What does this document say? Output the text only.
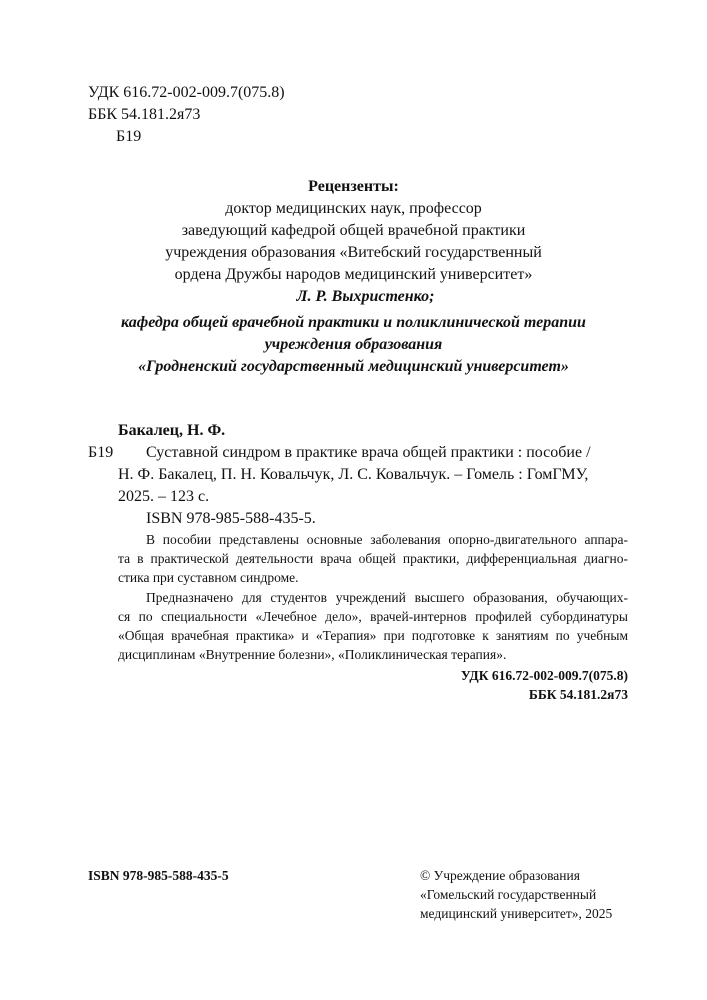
УДК 616.72-002-009.7(075.8)
ББК 54.181.2я73
Б19
Рецензенты:
доктор медицинских наук, профессор
заведующий кафедрой общей врачебной практики
учреждения образования «Витебский государственный
ордена Дружбы народов медицинский университет»
Л. Р. Выхристенко;
кафедра общей врачебной практики и поликлинической терапии
учреждения образования
«Гродненский государственный медицинский университет»
Бакалец, Н. Ф.
Б19 Суставной синдром в практике врача общей практики : пособие /
Н. Ф. Бакалец, П. Н. Ковальчук, Л. С. Ковальчук. – Гомель : ГомГМУ,
2025. – 123 с.
ISBN 978-985-588-435-5.
В пособии представлены основные заболевания опорно-двигательного аппара-
та в практической деятельности врача общей практики, дифференциальная диагно-
стика при суставном синдроме.
Предназначено для студентов учреждений высшего образования, обучающих-
ся по специальности «Лечебное дело», врачей-интернов профилей субординатуры
«Общая врачебная практика» и «Терапия» при подготовке к занятиям по учебным
дисциплинам «Внутренние болезни», «Поликлиническая терапия».
УДК 616.72-002-009.7(075.8)
ББК 54.181.2я73
ISBN 978-985-588-435-5	© Учреждение образования
«Гомельский государственный
медицинский университет», 2025
